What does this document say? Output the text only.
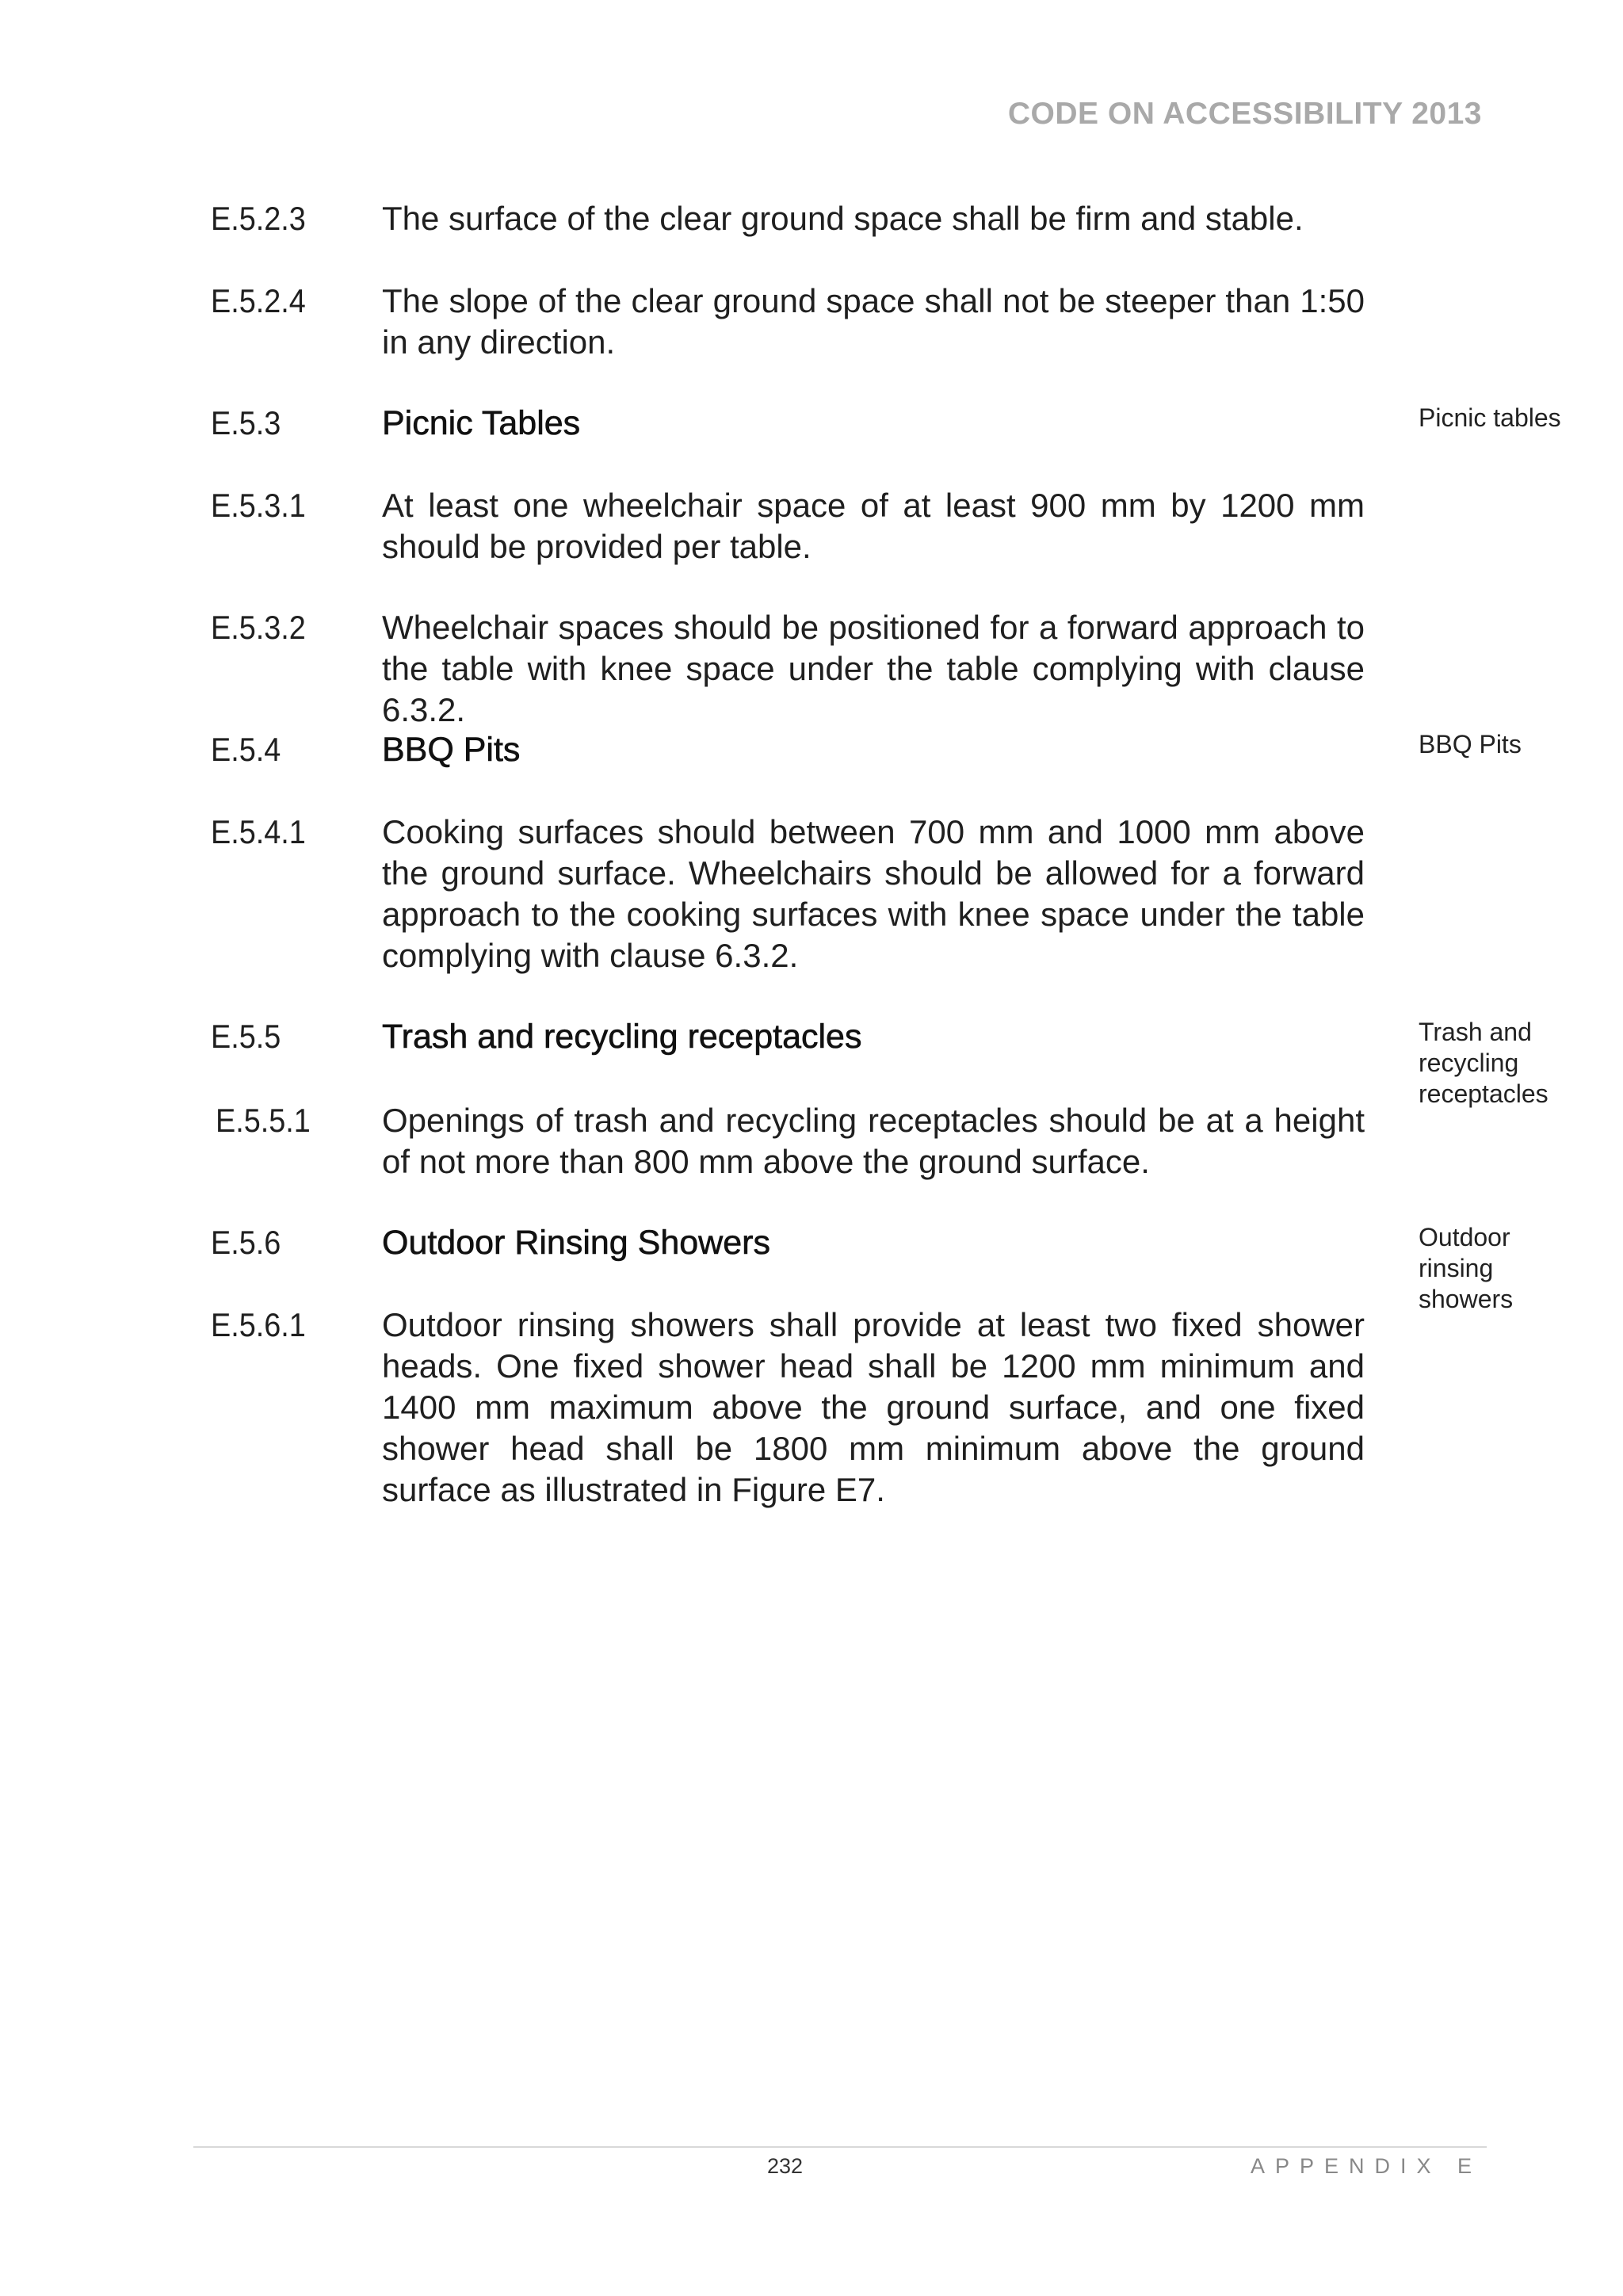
CODE ON ACCESSIBILITY 2013
E.5.2.3 The surface of the clear ground space shall be firm and stable.
E.5.2.4 The slope of the clear ground space shall not be steeper than 1:50 in any direction.
E.5.3	Picnic Tables	Picnic tables
E.5.3.1 At least one wheelchair space of at least 900 mm by 1200 mm should be provided per table.
E.5.3.2 Wheelchair spaces should be positioned for a forward approach to the table with knee space under the table complying with clause 6.3.2.
E.5.4	BBQ Pits	BBQ Pits
E.5.4.1 Cooking surfaces should between 700 mm and 1000 mm above the ground surface. Wheelchairs should be allowed for a forward approach to the cooking surfaces with knee space under the table complying with clause 6.3.2.
E.5.5	Trash and recycling receptacles	Trash and recycling receptacles
E.5.5.1 Openings of trash and recycling receptacles should be at a height of not more than 800 mm above the ground surface.
E.5.6	Outdoor Rinsing Showers	Outdoor rinsing showers
E.5.6.1 Outdoor rinsing showers shall provide at least two fixed shower heads. One fixed shower head shall be 1200 mm minimum and 1400 mm maximum above the ground surface, and one fixed shower head shall be 1800 mm minimum above the ground surface as illustrated in Figure E7.
232	APPENDIX E
